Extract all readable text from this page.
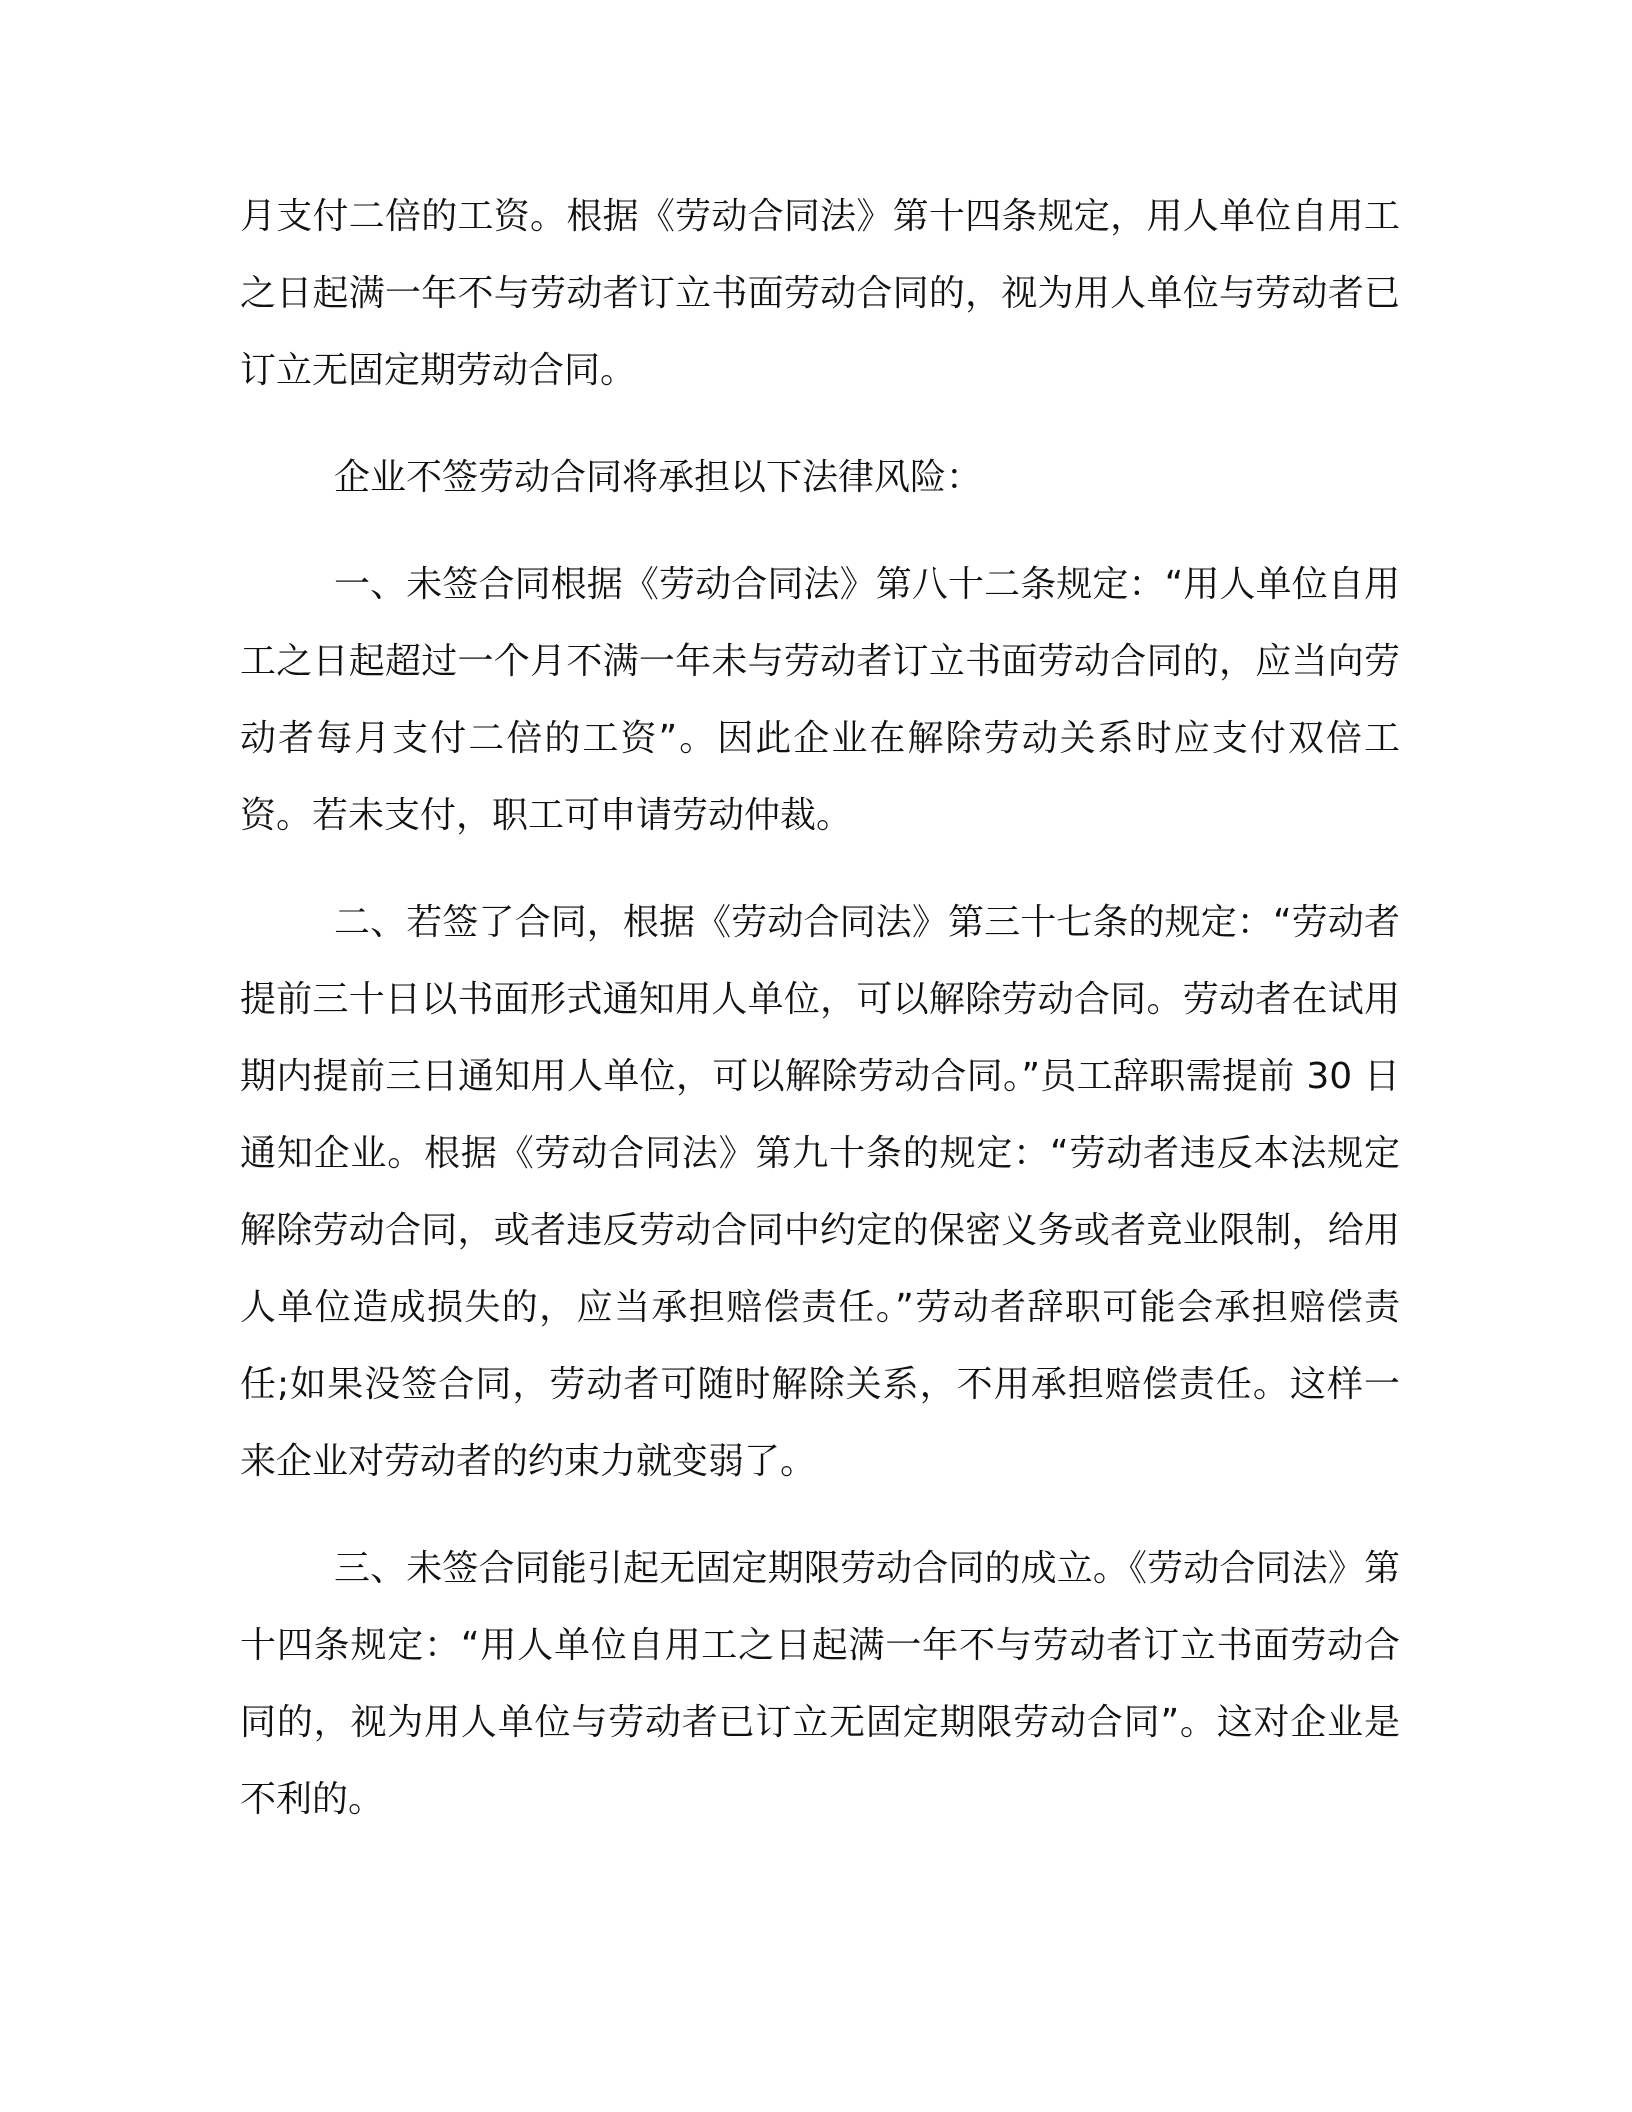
月支付二倍的工资。根据《劳动合同法》第十四条规定，用人单位自用工之日起满一年不与劳动者订立书面劳动合同的，视为用人单位与劳动者已订立无固定期劳动合同。

企业不签劳动合同将承担以下法律风险：

一、未签合同根据《劳动合同法》第八十二条规定：“用人单位自用工之日起超过一个月不满一年未与劳动者订立书面劳动合同的，应当向劳动者每月支付二倍的工资”。因此企业在解除劳动关系时应支付双倍工资。若未支付，职工可申请劳动仲裁。

二、若签了合同，根据《劳动合同法》第三十七条的规定：“劳动者提前三十日以书面形式通知用人单位，可以解除劳动合同。劳动者在试用期内提前三日通知用人单位，可以解除劳动合同。”员工辞职需提前 30 日通知企业。根据《劳动合同法》第九十条的规定：“劳动者违反本法规定解除劳动合同，或者违反劳动合同中约定的保密义务或者竞业限制，给用人单位造成损失的，应当承担赔偿责任。”劳动者辞职可能会承担赔偿责任;如果没签合同，劳动者可随时解除关系，不用承担赔偿责任。这样一来企业对劳动者的约束力就变弱了。

三、未签合同能引起无固定期限劳动合同的成立。《劳动合同法》第十四条规定：“用人单位自用工之日起满一年不与劳动者订立书面劳动合同的，视为用人单位与劳动者已订立无固定期限劳动合同”。这对企业是不利的。
